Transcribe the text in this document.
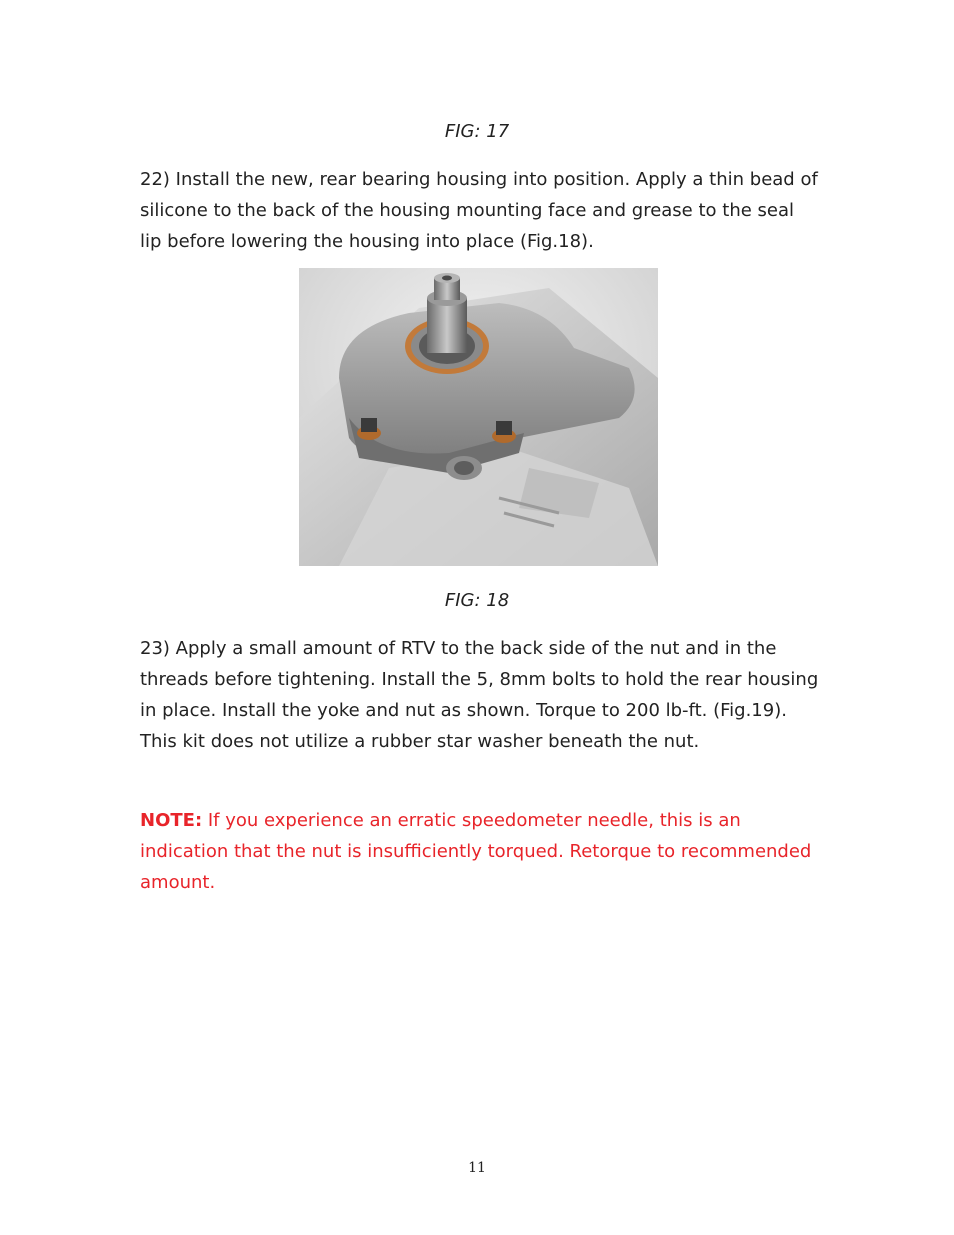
FIG: 17
22) Install the new, rear bearing housing into position. Apply a thin bead of silicone to the back of the housing mounting face and grease to the seal lip before lowering the housing into place (Fig.18).
FIG: 18
23) Apply a small amount of RTV to the back side of the nut and in the threads before tightening. Install the 5, 8mm bolts to hold the rear housing in place. Install the yoke and nut as shown. Torque to 200 lb-ft. (Fig.19). This kit does not utilize a rubber star washer beneath the nut.
NOTE: If you experience an erratic speedometer needle, this is an indication that the nut is insufficiently torqued. Retorque to recommended amount.
11
